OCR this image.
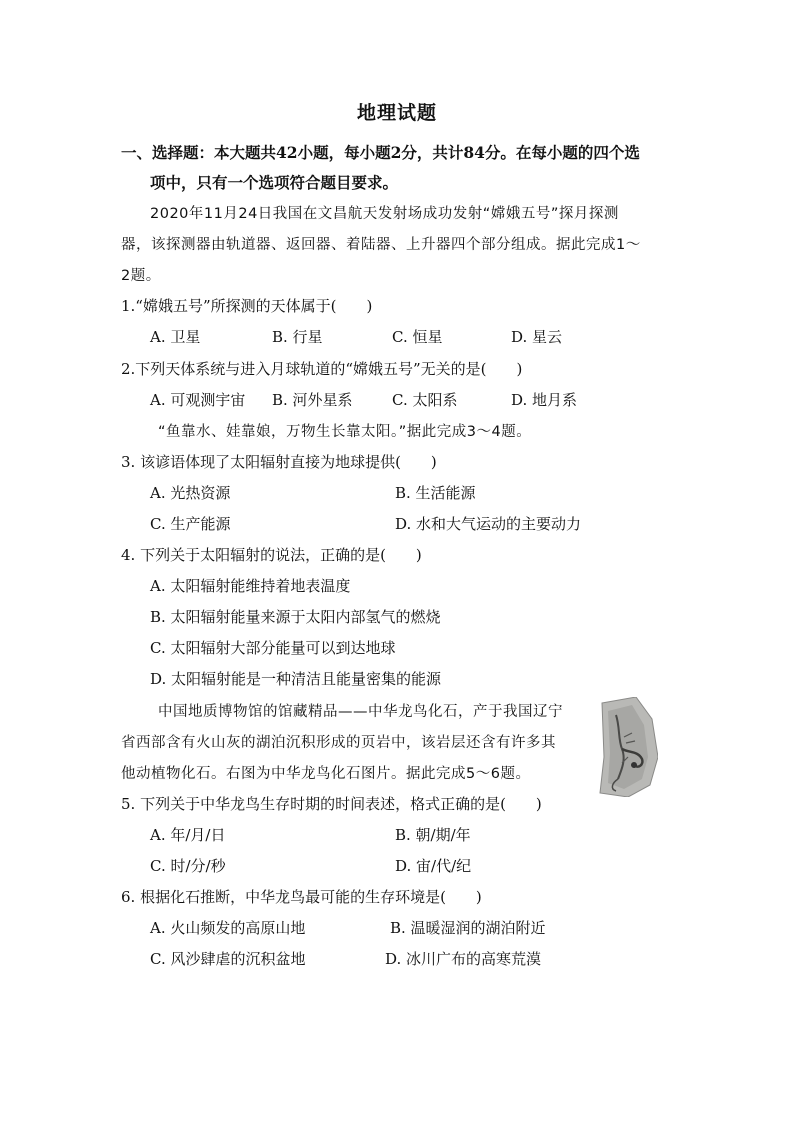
地理试题
一、选择题：本大题共42小题，每小题2分，共计84分。在每小题的四个选
项中，只有一个选项符合题目要求。
2020年11月24日我国在文昌航天发射场成功发射“嫦娥五号”探月探测
器，该探测器由轨道器、返回器、着陆器、上升器四个部分组成。据此完成1～
2题。
1.“嫦娥五号”所探测的天体属于(　　)
A. 卫星	B. 行星	C. 恒星	D. 星云
2.下列天体系统与进入月球轨道的“嫦娥五号”无关的是(　　)
A. 可观测宇宙 B. 河外星系	C. 太阳系	D. 地月系
“鱼靠水、娃靠娘，万物生长靠太阳。”据此完成3～4题。
3. 该谚语体现了太阳辐射直接为地球提供(　　)
A. 光热资源	B. 生活能源
C. 生产能源	D. 水和大气运动的主要动力
4. 下列关于太阳辐射的说法，正确的是(　　)
A. 太阳辐射能维持着地表温度
B. 太阳辐射能量来源于太阳内部氢气的燃烧
C. 太阳辐射大部分能量可以到达地球
D. 太阳辐射能是一种清洁且能量密集的能源
中国地质博物馆的馆藏精品——中华龙鸟化石，产于我国辽宁
省西部含有火山灰的湖泊沉积形成的页岩中，该岩层还含有许多其
他动植物化石。右图为中华龙鸟化石图片。据此完成5～6题。
5. 下列关于中华龙鸟生存时期的时间表述，格式正确的是(　　)
A. 年/月/日	B. 朝/期/年
C. 时/分/秒	D. 宙/代/纪
6. 根据化石推断，中华龙鸟最可能的生存环境是(　　)
A. 火山频发的高原山地	B. 温暖湿润的湖泊附近
C. 风沙肆虐的沉积盆地	D. 冰川广布的高寒荒漠
